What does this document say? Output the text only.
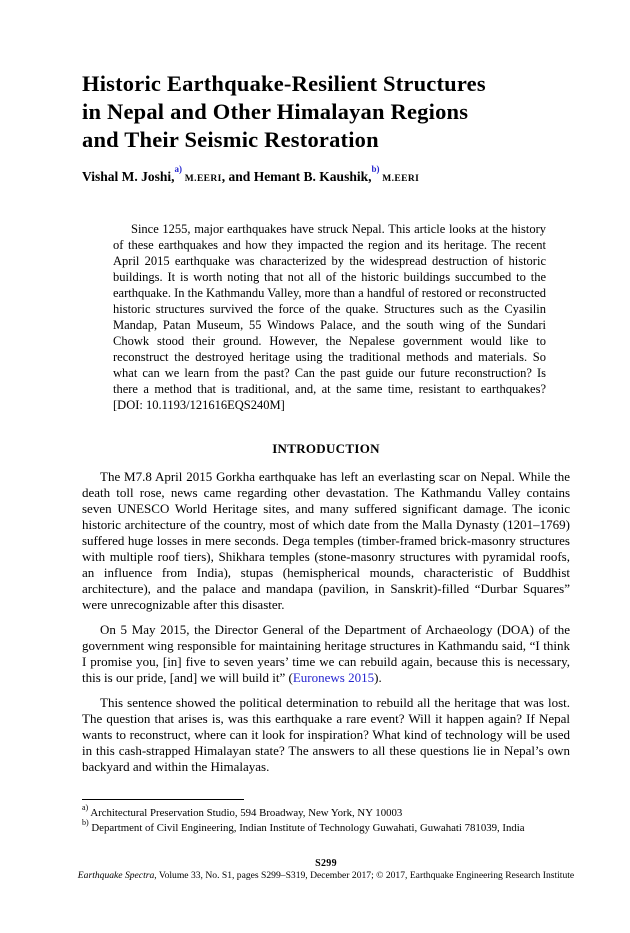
Historic Earthquake-Resilient Structures
in Nepal and Other Himalayan Regions
and Their Seismic Restoration
Vishal M. Joshi,$^{a)}$ M.EERI, and Hemant B. Kaushik,$^{b)}$ M.EERI
Since 1255, major earthquakes have struck Nepal. This article looks at the history of these earthquakes and how they impacted the region and its heritage. The recent April 2015 earthquake was characterized by the widespread destruction of historic buildings. It is worth noting that not all of the historic buildings succumbed to the earthquake. In the Kathmandu Valley, more than a handful of restored or reconstructed historic structures survived the force of the quake. Structures such as the Cyasilin Mandap, Patan Museum, 55 Windows Palace, and the south wing of the Sundari Chowk stood their ground. However, the Nepalese government would like to reconstruct the destroyed heritage using the traditional methods and materials. So what can we learn from the past? Can the past guide our future reconstruction? Is there a method that is traditional, and, at the same time, resistant to earthquakes? [DOI: 10.1193/121616EQS240M]
INTRODUCTION

The M7.8 April 2015 Gorkha earthquake has left an everlasting scar on Nepal. While the death toll rose, news came regarding other devastation. The Kathmandu Valley contains seven UNESCO World Heritage sites, and many suffered significant damage. The iconic historic architecture of the country, most of which date from the Malla Dynasty (1201–1769) suffered huge losses in mere seconds. Dega temples (timber-framed brick-masonry structures with multiple roof tiers), Shikhara temples (stone-masonry structures with pyramidal roofs, an influence from India), stupas (hemispherical mounds, characteristic of Buddhist architecture), and the palace and mandapa (pavilion, in Sanskrit)-filled “Durbar Squares” were unrecognizable after this disaster.

On 5 May 2015, the Director General of the Department of Archaeology (DOA) of the government wing responsible for maintaining heritage structures in Kathmandu said, “I think I promise you, [in] five to seven years’ time we can rebuild again, because this is necessary, this is our pride, [and] we will build it” (Euronews 2015).

This sentence showed the political determination to rebuild all the heritage that was lost. The question that arises is, was this earthquake a rare event? Will it happen again? If Nepal wants to reconstruct, where can it look for inspiration? What kind of technology will be used in this cash-strapped Himalayan state? The answers to all these questions lie in Nepal’s own backyard and within the Himalayas.

$^{a)}$ Architectural Preservation Studio, 594 Broadway, New York, NY 10003
$^{b)}$ Department of Civil Engineering, Indian Institute of Technology Guwahati, Guwahati 781039, India
S299
Earthquake Spectra, Volume 33, No. S1, pages S299–S319, December 2017; © 2017, Earthquake Engineering Research Institute
